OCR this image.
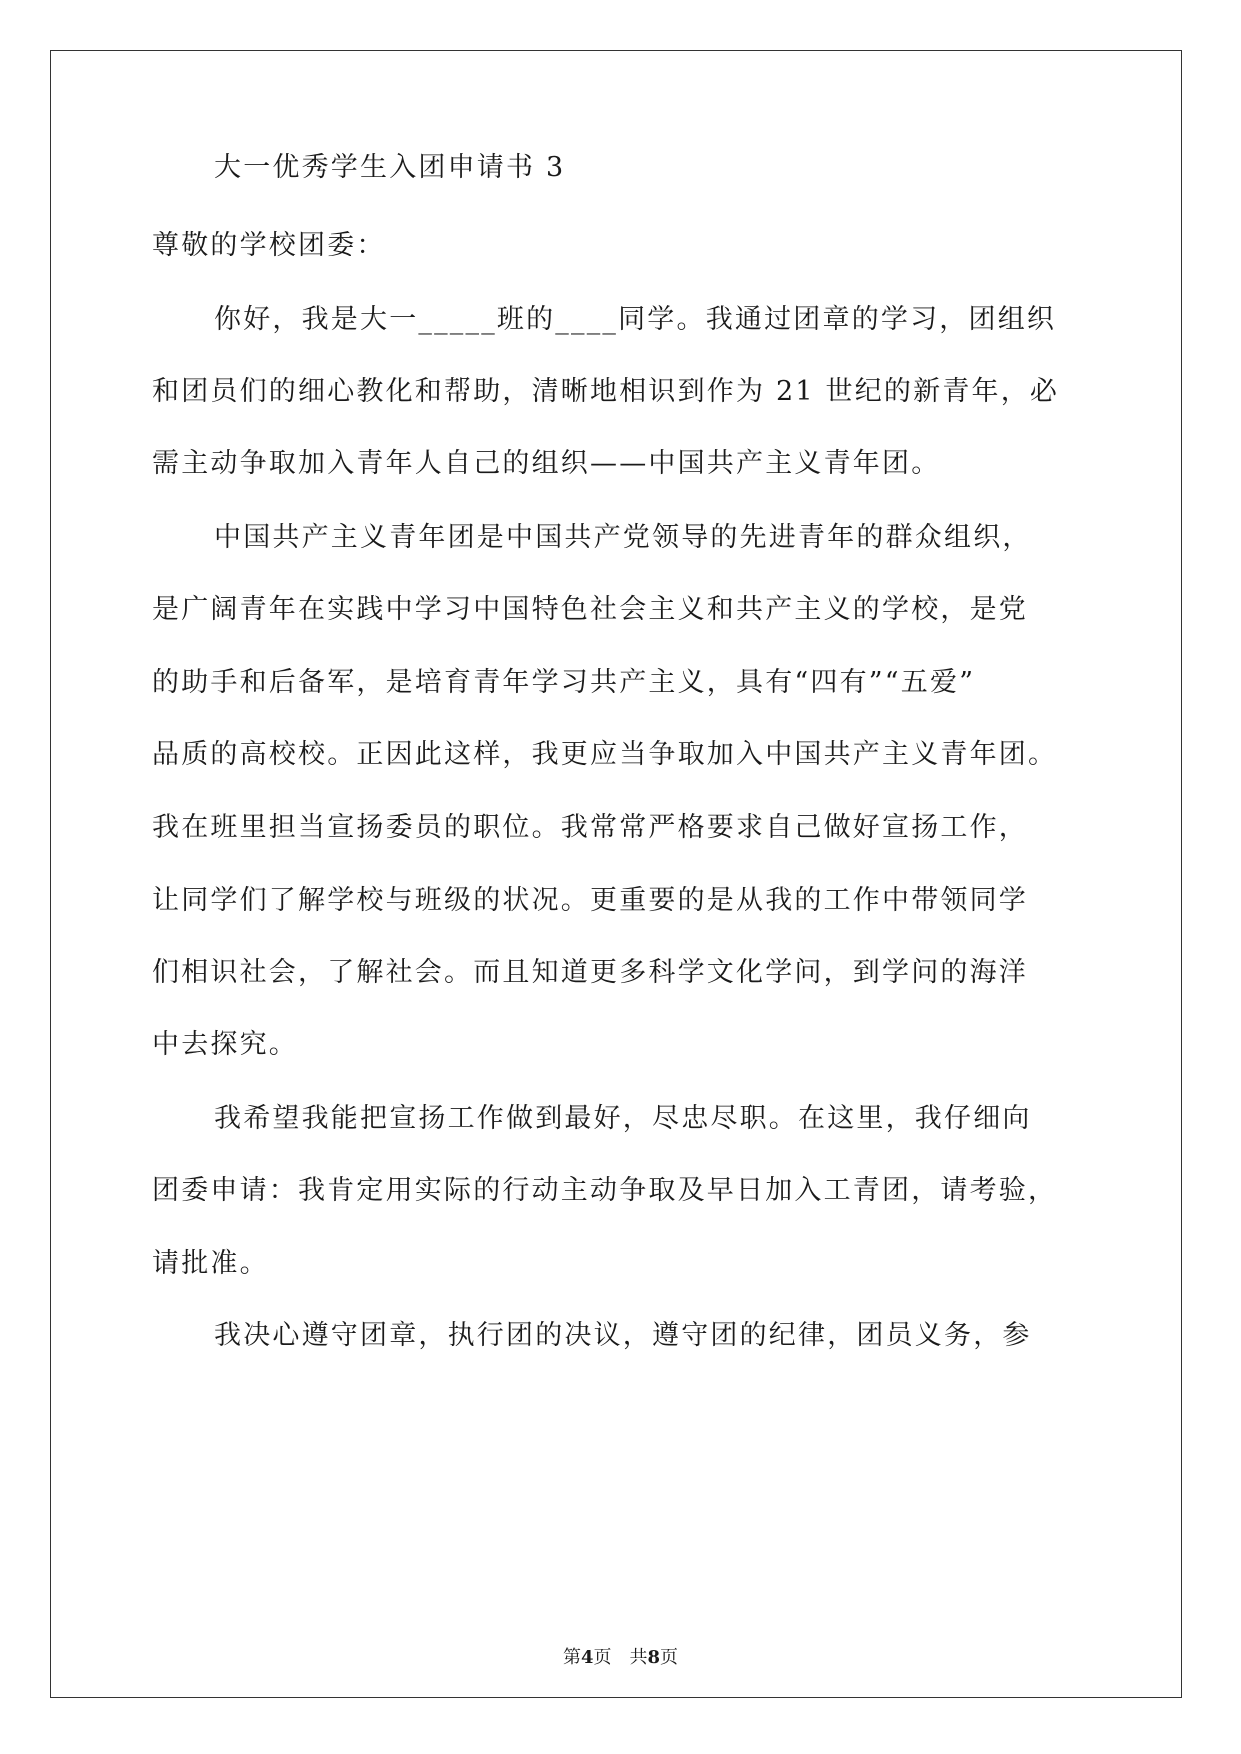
大一优秀学生入团申请书 3
尊敬的学校团委：
你好，我是大一_____班的____同学。我通过团章的学习，团组织
和团员们的细心教化和帮助，清晰地相识到作为 21 世纪的新青年，必
需主动争取加入青年人自己的组织——中国共产主义青年团。
中国共产主义青年团是中国共产党领导的先进青年的群众组织，
是广阔青年在实践中学习中国特色社会主义和共产主义的学校，是党
的助手和后备军，是培育青年学习共产主义，具有“四有”“五爱”
品质的高校校。正因此这样，我更应当争取加入中国共产主义青年团。
我在班里担当宣扬委员的职位。我常常严格要求自己做好宣扬工作，
让同学们了解学校与班级的状况。更重要的是从我的工作中带领同学
们相识社会，了解社会。而且知道更多科学文化学问，到学问的海洋
中去探究。
我希望我能把宣扬工作做到最好，尽忠尽职。在这里，我仔细向
团委申请：我肯定用实际的行动主动争取及早日加入工青团，请考验，
请批准。
我决心遵守团章，执行团的决议，遵守团的纪律，团员义务，参
第4页 共8页
